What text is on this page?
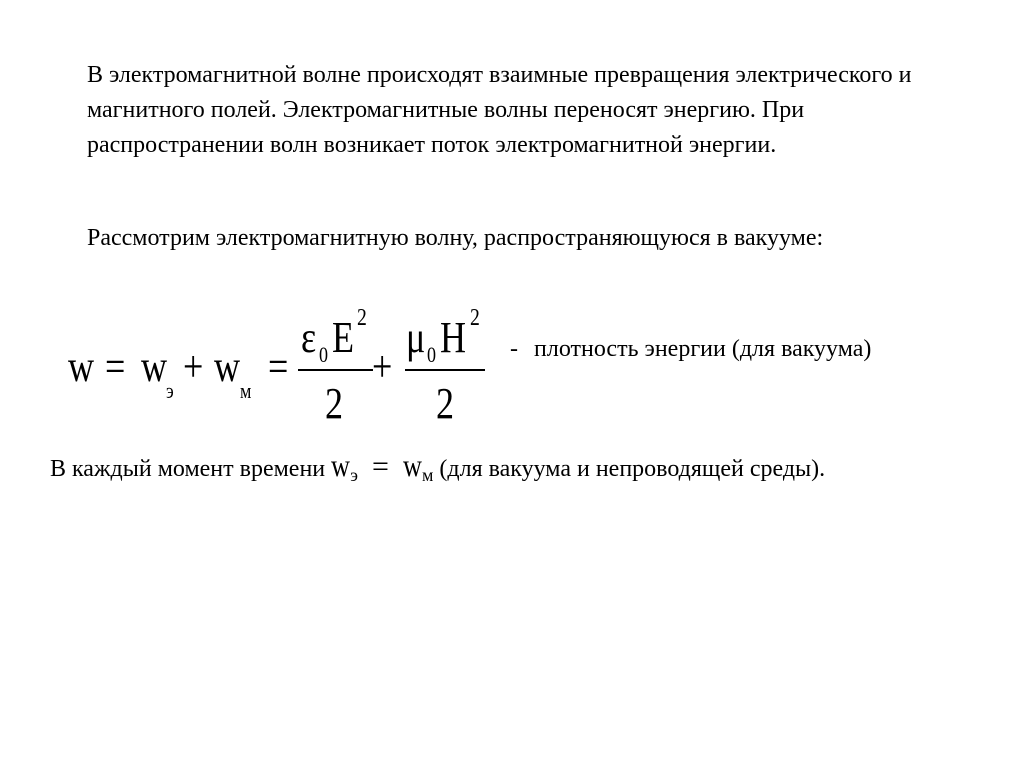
В электромагнитной волне происходят взаимные превращения электрического и магнитного полей. Электромагнитные волны переносят энергию. При распространении волн возникает поток электромагнитной энергии.

Рассмотрим электромагнитную волну, распространяющуюся в вакууме:

w = w
э + w м =
ε 0 E 2
2
+
μ 0 H 2
2
- плотность энергии (для вакуума)
В каждый момент времени $w_э = w_м$ (для вакуума и непроводящей среды).
